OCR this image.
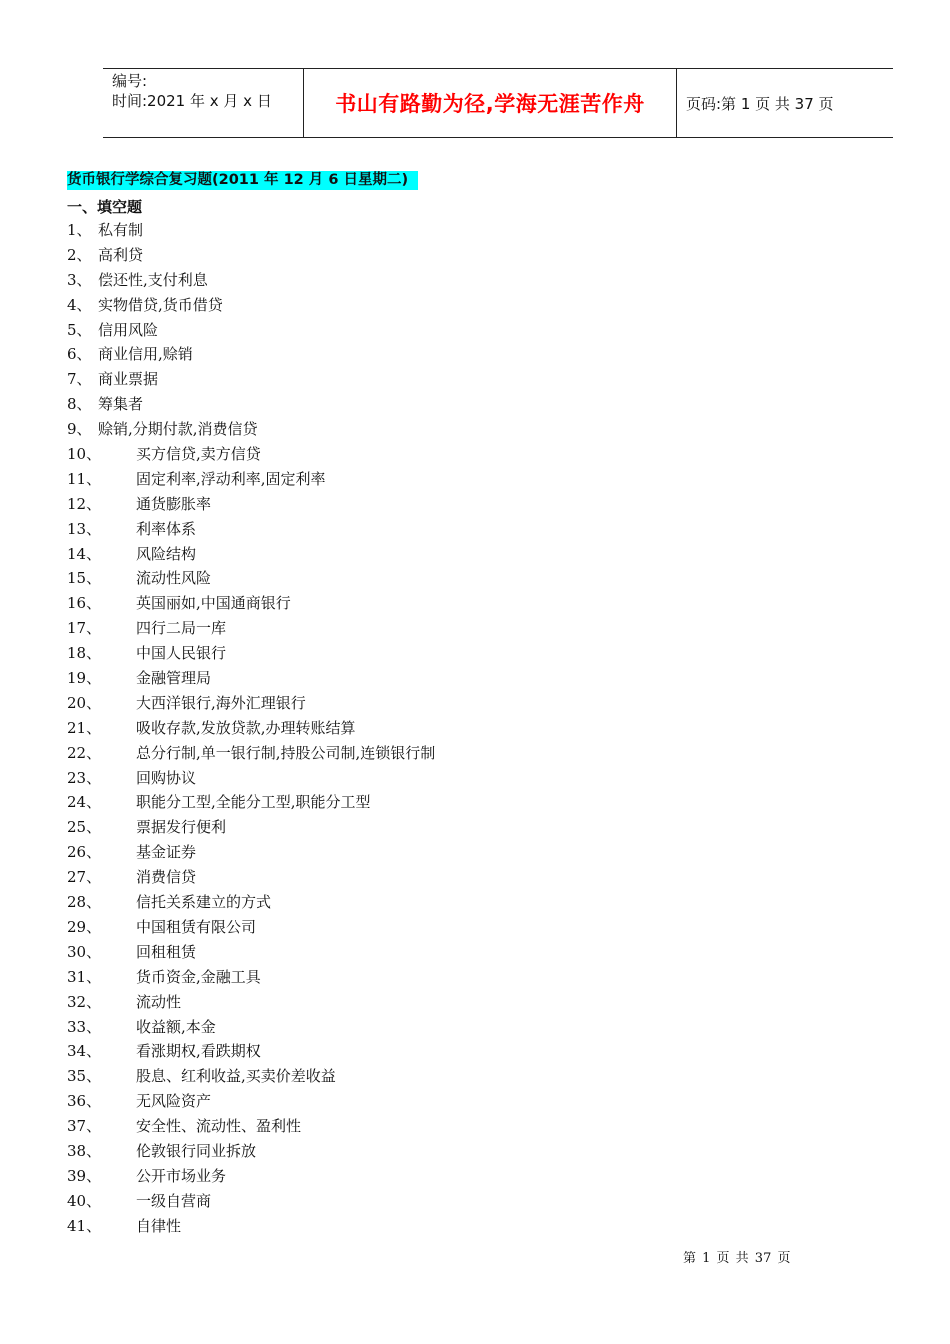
编号:
时间:2021 年 x 月 x 日	书山有路勤为径,学海无涯苦作舟	页码:第 1 页 共 37 页
货币银行学综合复习题(2011 年 12 月 6 日星期二)
一、填空题
1、 私有制
2、 高利贷
3、 偿还性,支付利息
4、 实物借贷,货币借贷
5、 信用风险
6、 商业信用,赊销
7、 商业票据
8、 筹集者
9、 赊销,分期付款,消费信贷
10、	买方信贷,卖方信贷
11、	固定利率,浮动利率,固定利率
12、	通货膨胀率
13、	利率体系
14、	风险结构
15、	流动性风险
16、	英国丽如,中国通商银行
17、	四行二局一库
18、	中国人民银行
19、	金融管理局
20、	大西洋银行,海外汇理银行
21、	吸收存款,发放贷款,办理转账结算
22、	总分行制,单一银行制,持股公司制,连锁银行制
23、	回购协议
24、	职能分工型,全能分工型,职能分工型
25、	票据发行便利
26、	基金证券
27、	消费信贷
28、	信托关系建立的方式
29、	中国租赁有限公司
30、	回租租赁
31、	货币资金,金融工具
32、	流动性
33、	收益额,本金
34、	看涨期权,看跌期权
35、	股息、红利收益,买卖价差收益
36、	无风险资产
37、	安全性、流动性、盈利性
38、	伦敦银行同业拆放
39、	公开市场业务
40、	一级自营商
41、	自律性
第 1 页 共 37 页
